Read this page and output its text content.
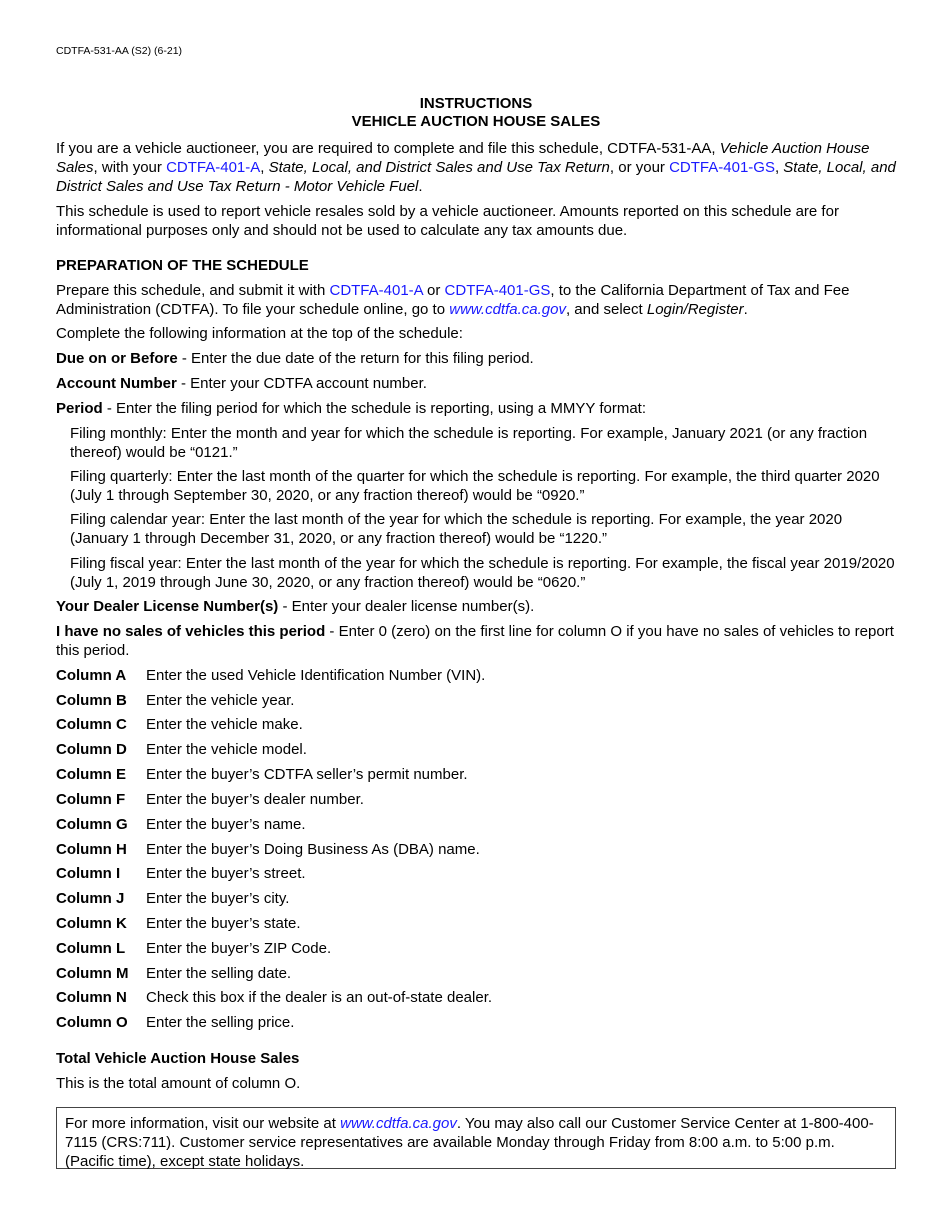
CDTFA-531-AA (S2) (6-21)
INSTRUCTIONS
VEHICLE AUCTION HOUSE SALES
If you are a vehicle auctioneer, you are required to complete and file this schedule, CDTFA-531-AA, Vehicle Auction House Sales, with your CDTFA-401-A, State, Local, and District Sales and Use Tax Return, or your CDTFA-401-GS, State, Local, and District Sales and Use Tax Return - Motor Vehicle Fuel.
This schedule is used to report vehicle resales sold by a vehicle auctioneer. Amounts reported on this schedule are for informational purposes only and should not be used to calculate any tax amounts due.
PREPARATION OF THE SCHEDULE
Prepare this schedule, and submit it with CDTFA-401-A or CDTFA-401-GS, to the California Department of Tax and Fee Administration (CDTFA). To file your schedule online, go to www.cdtfa.ca.gov, and select Login/Register.
Complete the following information at the top of the schedule:
Due on or Before - Enter the due date of the return for this filing period.
Account Number - Enter your CDTFA account number.
Period - Enter the filing period for which the schedule is reporting, using a MMYY format:
Filing monthly: Enter the month and year for which the schedule is reporting. For example, January 2021 (or any fraction thereof) would be “0121.”
Filing quarterly: Enter the last month of the quarter for which the schedule is reporting. For example, the third quarter 2020 (July 1 through September 30, 2020, or any fraction thereof) would be “0920.”
Filing calendar year: Enter the last month of the year for which the schedule is reporting. For example, the year 2020 (January 1 through December 31, 2020, or any fraction thereof) would be “1220.”
Filing fiscal year: Enter the last month of the year for which the schedule is reporting. For example, the fiscal year 2019/2020 (July 1, 2019 through June 30, 2020, or any fraction thereof) would be “0620.”
Your Dealer License Number(s) - Enter your dealer license number(s).
I have no sales of vehicles this period - Enter 0 (zero) on the first line for column O if you have no sales of vehicles to report this period.
Column A Enter the used Vehicle Identification Number (VIN).
Column B Enter the vehicle year.
Column C Enter the vehicle make.
Column D Enter the vehicle model.
Column E Enter the buyer’s CDTFA seller’s permit number.
Column F Enter the buyer’s dealer number.
Column G Enter the buyer’s name.
Column H Enter the buyer’s Doing Business As (DBA) name.
Column I Enter the buyer’s street.
Column J Enter the buyer’s city.
Column K Enter the buyer’s state.
Column L Enter the buyer’s ZIP Code.
Column M Enter the selling date.
Column N Check this box if the dealer is an out-of-state dealer.
Column O Enter the selling price.
Total Vehicle Auction House Sales
This is the total amount of column O.
For more information, visit our website at www.cdtfa.ca.gov. You may also call our Customer Service Center at 1-800-400-7115 (CRS:711). Customer service representatives are available Monday through Friday from 8:00 a.m. to 5:00 p.m. (Pacific time), except state holidays.
